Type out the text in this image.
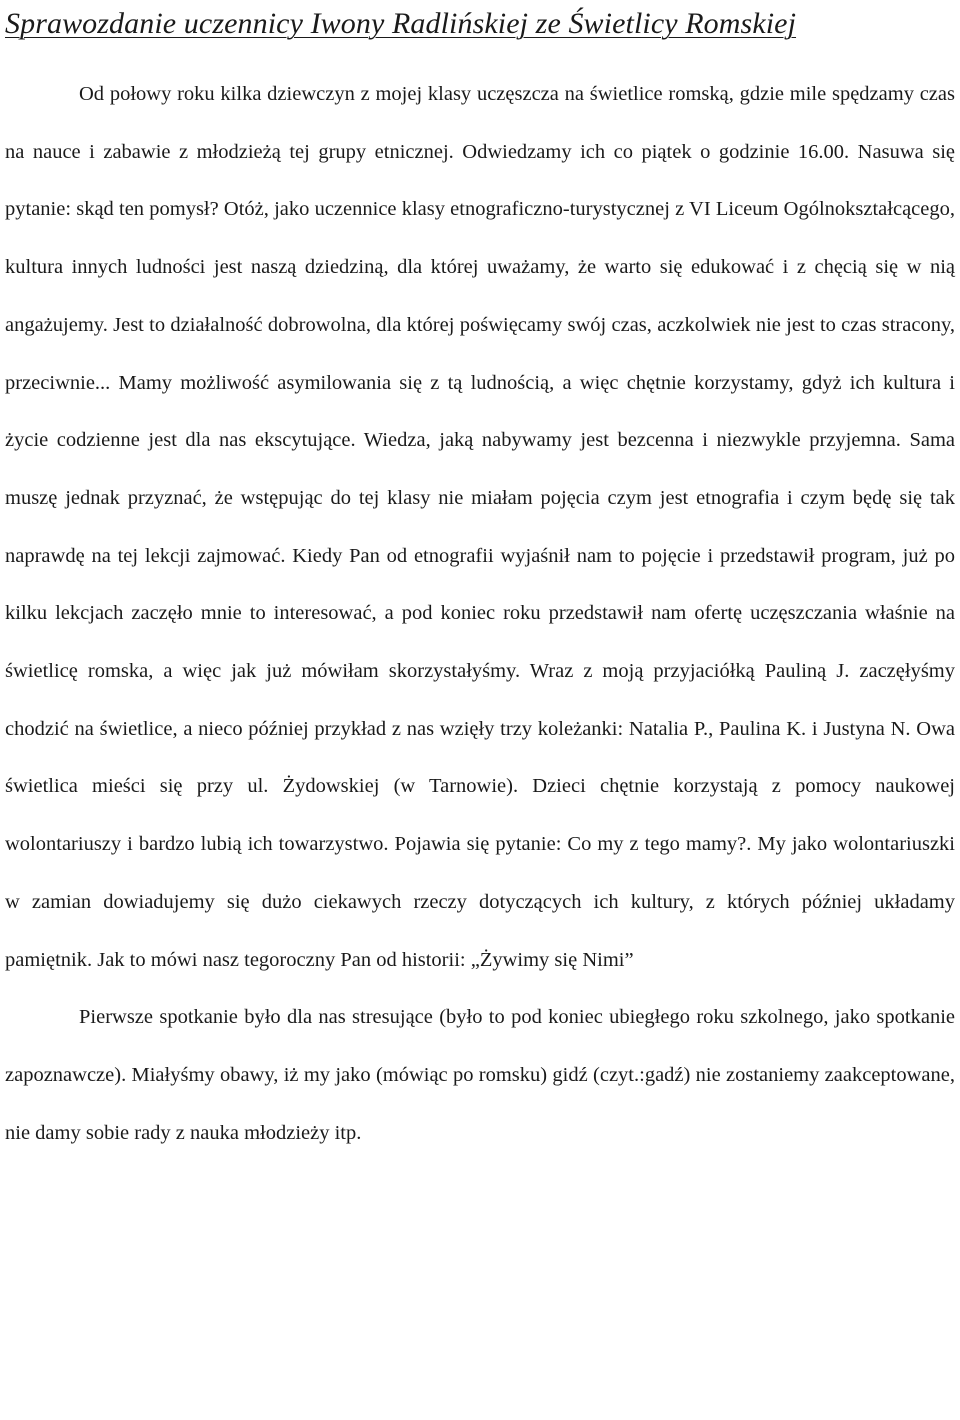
Sprawozdanie uczennicy Iwony Radlińskiej ze Świetlicy Romskiej

Od połowy roku kilka dziewczyn z mojej klasy uczęszcza na świetlice romską, gdzie mile spędzamy czas na nauce i zabawie z młodzieżą tej grupy etnicznej. Odwiedzamy ich co piątek o godzinie 16.00. Nasuwa się pytanie: skąd ten pomysł? Otóż, jako uczennice klasy etnograficzno-turystycznej z VI Liceum Ogólnokształcącego, kultura innych ludności jest naszą dziedziną, dla której uważamy, że warto się edukować i z chęcią się w nią angażujemy. Jest to działalność dobrowolna, dla której poświęcamy swój czas, aczkolwiek nie jest to czas stracony, przeciwnie... Mamy możliwość asymilowania się z tą ludnością, a więc chętnie korzystamy, gdyż ich kultura i życie codzienne jest dla nas ekscytujące. Wiedza, jaką nabywamy jest bezcenna i niezwykle przyjemna. Sama muszę jednak przyznać, że wstępując do tej klasy nie miałam pojęcia czym jest etnografia i czym będę się tak naprawdę na tej lekcji zajmować. Kiedy Pan od etnografii wyjaśnił nam to pojęcie i przedstawił program, już po kilku lekcjach zaczęło mnie to interesować, a pod koniec roku przedstawił nam ofertę uczęszczania właśnie na świetlicę romska, a więc jak już mówiłam skorzystałyśmy. Wraz z moją przyjaciółką Pauliną J. zaczęłyśmy chodzić na świetlice, a nieco później przykład z nas wzięły trzy koleżanki: Natalia P., Paulina K. i Justyna N. Owa świetlica mieści się przy ul. Żydowskiej (w Tarnowie). Dzieci chętnie korzystają z pomocy naukowej wolontariuszy i bardzo lubią ich towarzystwo. Pojawia się pytanie: Co my z tego mamy?. My jako wolontariuszki w zamian dowiadujemy się dużo ciekawych rzeczy dotyczących ich kultury, z których później układamy pamiętnik. Jak to mówi nasz tegoroczny Pan od historii: „Żywimy się Nimi”

Pierwsze spotkanie było dla nas stresujące (było to pod koniec ubiegłego roku szkolnego, jako spotkanie zapoznawcze). Miałyśmy obawy, iż my jako (mówiąc po romsku) gidź (czyt.:gadź) nie zostaniemy zaakceptowane, nie damy sobie rady z nauka młodzieży itp.
